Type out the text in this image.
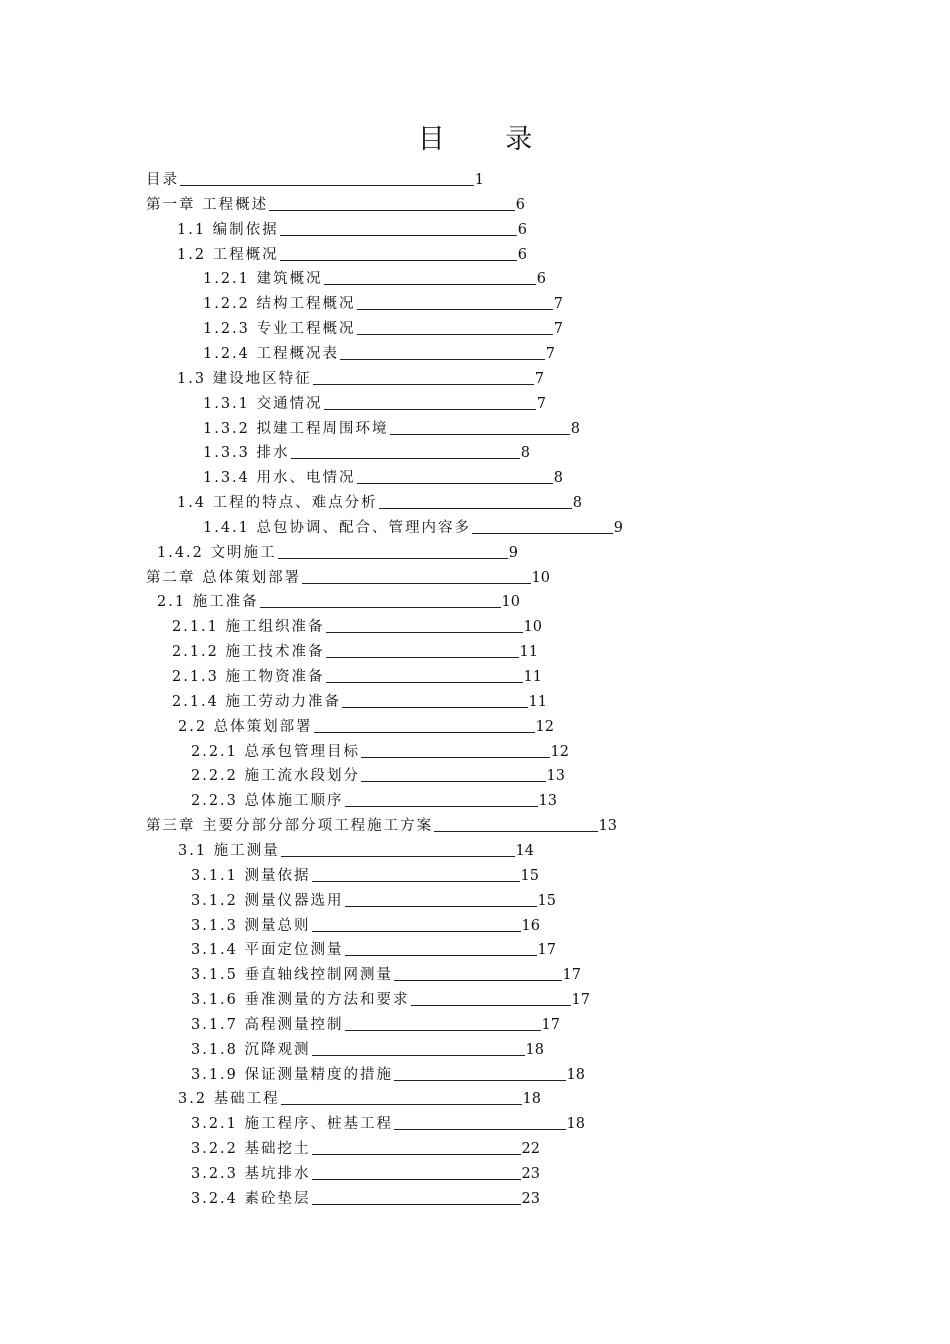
目 录
目录	1
第一章 工程概述	6
1.1 编制依据	6
1.2 工程概况	6
1.2.1 建筑概况	6
1.2.2 结构工程概况	7
1.2.3 专业工程概况	7
1.2.4 工程概况表	7
1.3 建设地区特征	7
1.3.1 交通情况	7
1.3.2 拟建工程周围环境	8
1.3.3 排水	8
1.3.4 用水、电情况	8
1.4 工程的特点、难点分析	8
1.4.1 总包协调、配合、管理内容多	9
1.4.2 文明施工	9
第二章 总体策划部署	10
2.1 施工准备	10
2.1.1 施工组织准备	10
2.1.2 施工技术准备	11
2.1.3 施工物资准备	11
2.1.4 施工劳动力准备	11
2.2 总体策划部署	12
2.2.1 总承包管理目标	12
2.2.2 施工流水段划分	13
2.2.3 总体施工顺序	13
第三章 主要分部分部分项工程施工方案	13
3.1 施工测量	14
3.1.1 测量依据	15
3.1.2 测量仪器选用	15
3.1.3 测量总则	16
3.1.4 平面定位测量	17
3.1.5 垂直轴线控制网测量	17
3.1.6 垂准测量的方法和要求	17
3.1.7 高程测量控制	17
3.1.8 沉降观测	18
3.1.9 保证测量精度的措施	18
3.2 基础工程	18
3.2.1 施工程序、桩基工程	18
3.2.2 基础挖土	22
3.2.3 基坑排水	23
3.2.4 素砼垫层	23
